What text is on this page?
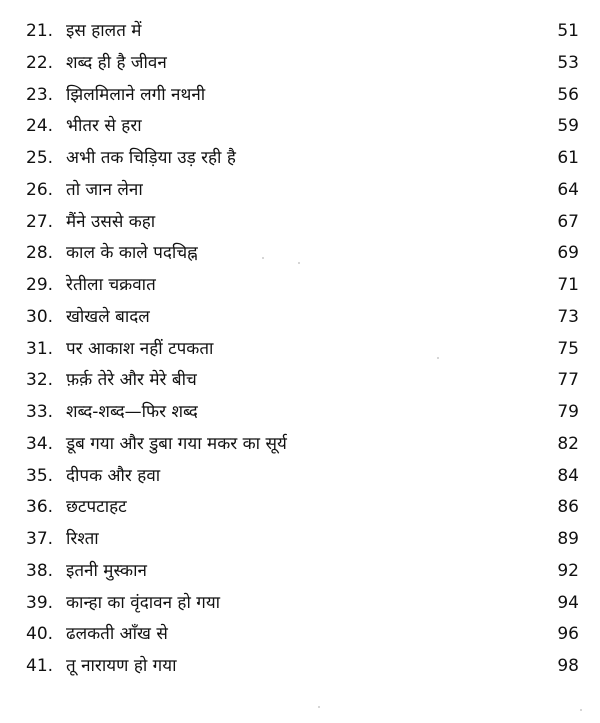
21. इस हालत में	51
22. शब्द ही है जीवन	53
23. झिलमिलाने लगी नथनी	56
24. भीतर से हरा	59
25. अभी तक चिड़िया उड़ रही है	61
26. तो जान लेना	64
27. मैंने उससे कहा	67
28. काल के काले पदचिह्न	69
29. रेतीला चक्रवात	71
30. खोखले बादल	73
31. पर आकाश नहीं टपकता	75
32. फ़र्क़ तेरे और मेरे बीच	77
33. शब्द-शब्द—फिर शब्द	79
34. डूब गया और डुबा गया मकर का सूर्य	82
35. दीपक और हवा	84
36. छटपटाहट	86
37. रिश्ता	89
38. इतनी मुस्कान	92
39. कान्हा का वृंदावन हो गया	94
40. ढलकती आँख से	96
41. तू नारायण हो गया	98
